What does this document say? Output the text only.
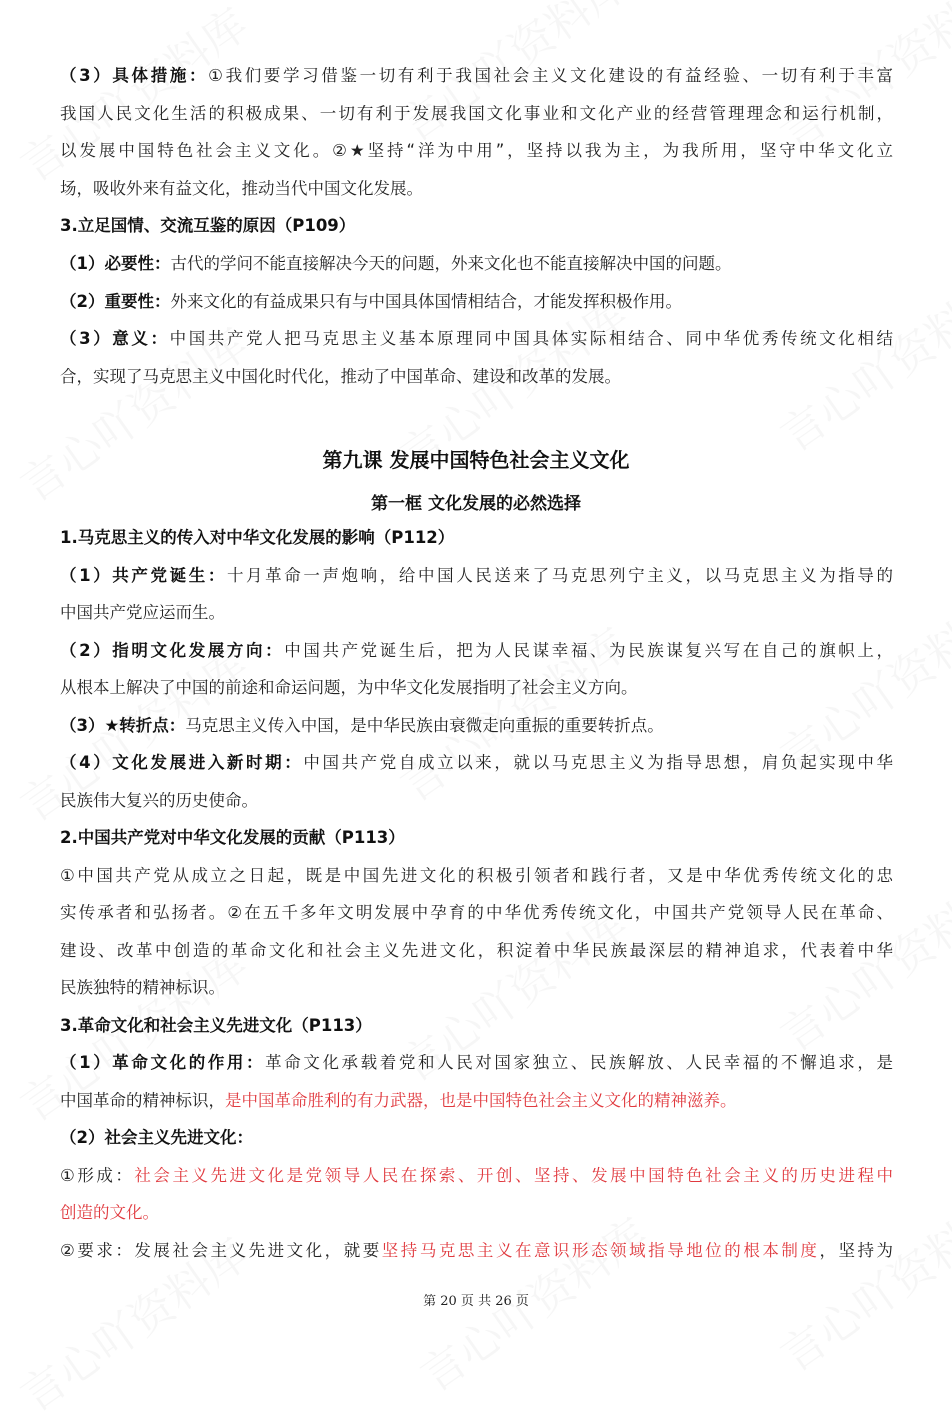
（3）具体措施：①我们要学习借鉴一切有利于我国社会主义文化建设的有益经验、一切有利于丰富
我国人民文化生活的积极成果、一切有利于发展我国文化事业和文化产业的经营管理理念和运行机制，
以发展中国特色社会主义文化。②★坚持“洋为中用”，坚持以我为主，为我所用，坚守中华文化立
场，吸收外来有益文化，推动当代中国文化发展。
3.立足国情、交流互鉴的原因（P109）
（1）必要性：古代的学问不能直接解决今天的问题，外来文化也不能直接解决中国的问题。
（2）重要性：外来文化的有益成果只有与中国具体国情相结合，才能发挥积极作用。
（3）意义：中国共产党人把马克思主义基本原理同中国具体实际相结合、同中华优秀传统文化相结
合，实现了马克思主义中国化时代化，推动了中国革命、建设和改革的发展。
第九课 发展中国特色社会主义文化
第一框 文化发展的必然选择
1.马克思主义的传入对中华文化发展的影响（P112）
（1）共产党诞生：十月革命一声炮响，给中国人民送来了马克思列宁主义，以马克思主义为指导的
中国共产党应运而生。
（2）指明文化发展方向：中国共产党诞生后，把为人民谋幸福、为民族谋复兴写在自己的旗帜上，
从根本上解决了中国的前途和命运问题，为中华文化发展指明了社会主义方向。
（3）★转折点：马克思主义传入中国，是中华民族由衰微走向重振的重要转折点。
（4）文化发展进入新时期：中国共产党自成立以来，就以马克思主义为指导思想，肩负起实现中华
民族伟大复兴的历史使命。
2.中国共产党对中华文化发展的贡献（P113）
①中国共产党从成立之日起，既是中国先进文化的积极引领者和践行者，又是中华优秀传统文化的忠
实传承者和弘扬者。②在五千多年文明发展中孕育的中华优秀传统文化，中国共产党领导人民在革命、
建设、改革中创造的革命文化和社会主义先进文化，积淀着中华民族最深层的精神追求，代表着中华
民族独特的精神标识。
3.革命文化和社会主义先进文化（P113）
（1）革命文化的作用：革命文化承载着党和人民对国家独立、民族解放、人民幸福的不懈追求，是
中国革命的精神标识，是中国革命胜利的有力武器，也是中国特色社会主义文化的精神滋养。
（2）社会主义先进文化：
①形成：社会主义先进文化是党领导人民在探索、开创、坚持、发展中国特色社会主义的历史进程中
创造的文化。
②要求：发展社会主义先进文化，就要坚持马克思主义在意识形态领域指导地位的根本制度，坚持为
第 20 页 共 26 页
